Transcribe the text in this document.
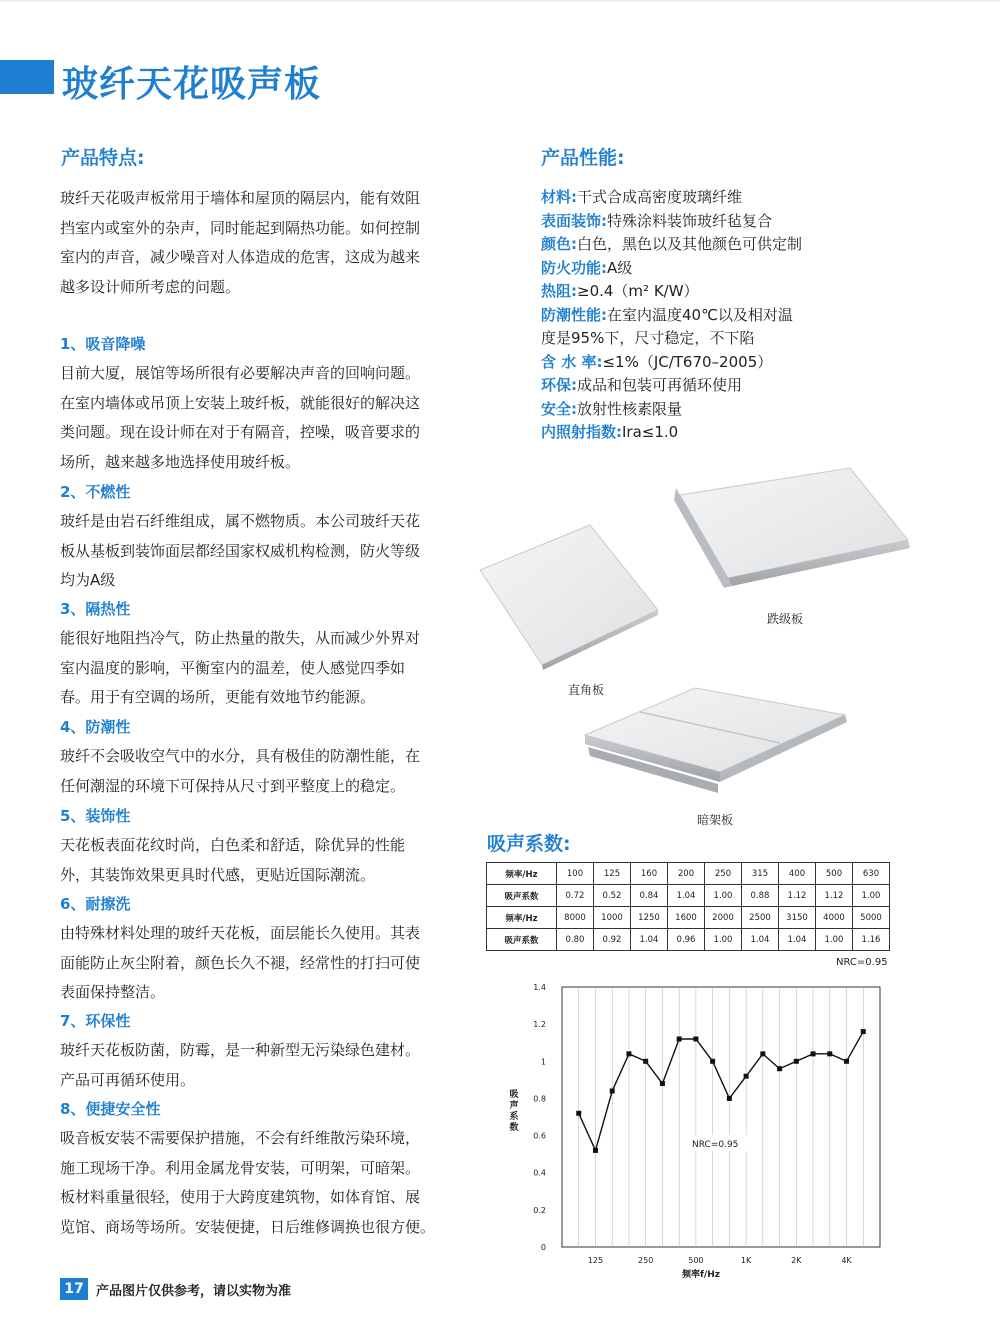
玻纤天花吸声板
产品特点:
玻纤天花吸声板常用于墙体和屋顶的隔层内，能有效阻
挡室内或室外的杂声，同时能起到隔热功能。如何控制
室内的声音，减少噪音对人体造成的危害，这成为越来
越多设计师所考虑的问题。
1、吸音降噪
目前大厦，展馆等场所很有必要解决声音的回响问题。
在室内墙体或吊顶上安装上玻纤板，就能很好的解决这
类问题。现在设计师在对于有隔音，控噪，吸音要求的
场所，越来越多地选择使用玻纤板。
2、不燃性
玻纤是由岩石纤维组成，属不燃物质。本公司玻纤天花
板从基板到装饰面层都经国家权威机构检测，防火等级
均为A级
3、隔热性
能很好地阻挡冷气，防止热量的散失，从而减少外界对
室内温度的影响，平衡室内的温差，使人感觉四季如
春。用于有空调的场所，更能有效地节约能源。
4、防潮性
玻纤不会吸收空气中的水分，具有极佳的防潮性能，在
任何潮湿的环境下可保持从尺寸到平整度上的稳定。
5、装饰性
天花板表面花纹时尚，白色柔和舒适，除优异的性能
外，其装饰效果更具时代感，更贴近国际潮流。
6、耐擦洗
由特殊材料处理的玻纤天花板，面层能长久使用。其表
面能防止灰尘附着，颜色长久不褪，经常性的打扫可使
表面保持整洁。
7、环保性
玻纤天花板防菌，防霉，是一种新型无污染绿色建材。
产品可再循环使用。
8、便捷安全性
吸音板安装不需要保护措施，不会有纤维散污染环境，
施工现场干净。利用金属龙骨安装，可明架，可暗架。
板材料重量很轻，使用于大跨度建筑物，如体育馆、展
览馆、商场等场所。安装便捷，日后维修调换也很方便。
产品性能:
材料:干式合成高密度玻璃纤维
表面装饰:特殊涂料装饰玻纤毡复合
颜色:白色，黑色以及其他颜色可供定制
防火功能:A级
热阻:≥0.4（m² K/W）
防潮性能:在室内温度40℃以及相对温
度是95%下，尺寸稳定，不下陷
含 水 率:≤1%（JC/T670–2005）
环保:成品和包装可再循环使用
安全:放射性核素限量
内照射指数:Ira≤1.0
跌级板
直角板
暗架板
吸声系数:
频率/Hz	100	125	160	200	250	315	400	500	630
吸声系数	0.72	0.52	0.84	1.04	1.00	0.88	1.12	1.12	1.00
频率/Hz	8000	1000	1250	1600	2000	2500	3150	4000	5000
吸声系数	0.80	0.92	1.04	0.96	1.00	1.04	1.04	1.00	1.16
NRC=0.95
0
0.2
0.4
0.6
0.8
1
1.2
1.4
125	250	500	1K	2K	4K
频率f/Hz
吸声系数
NRC=0.95
17 产品图片仅供参考，请以实物为准
